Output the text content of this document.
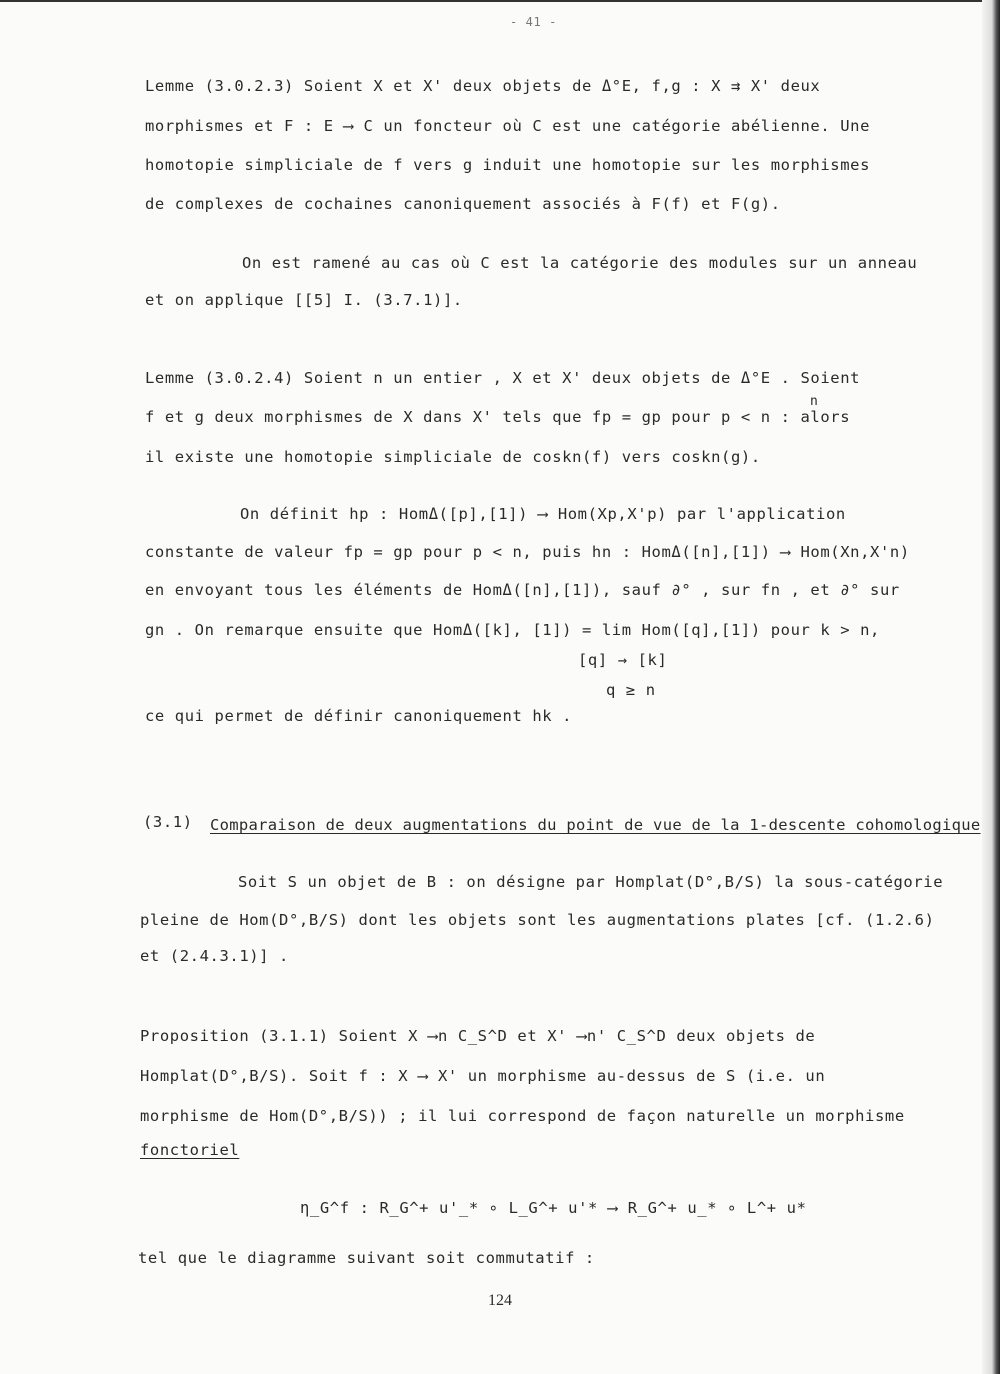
- 41 -
Lemme (3.0.2.3) Soient X et X' deux objets de Δ°E, f,g : X ⇉ X' deux
morphismes et F : E ⟶ C un foncteur où C est une catégorie abélienne. Une
homotopie simpliciale de f vers g induit une homotopie sur les morphismes
de complexes de cochaines canoniquement associés à F(f) et F(g).
On est ramené au cas où C est la catégorie des modules sur un anneau
et on applique [[5] I. (3.7.1)].
Lemme (3.0.2.4) Soient n un entier , X et X' deux objets de Δ°E . Soient
n
f et g deux morphismes de X dans X' tels que fp = gp pour p < n : alors
il existe une homotopie simpliciale de coskn(f) vers coskn(g).
On définit hp : HomΔ([p],[1]) ⟶ Hom(Xp,X'p) par l'application
constante de valeur fp = gp pour p < n, puis hn : HomΔ([n],[1]) ⟶ Hom(Xn,X'n)
en envoyant tous les éléments de HomΔ([n],[1]), sauf ∂° , sur fn , et ∂° sur
gn . On remarque ensuite que HomΔ([k], [1]) = lim Hom([q],[1]) pour k > n,
[q] → [k]
q ≥ n
ce qui permet de définir canoniquement hk .
(3.1) Comparaison de deux augmentations du point de vue de la 1-descente cohomologique
Soit S un objet de B : on désigne par Homplat(D°,B/S) la sous-catégorie
pleine de Hom(D°,B/S) dont les objets sont les augmentations plates [cf. (1.2.6)
et (2.4.3.1)] .
Proposition (3.1.1) Soient X ⟶n C_S^D et X' ⟶n' C_S^D deux objets de
Homplat(D°,B/S). Soit f : X ⟶ X' un morphisme au-dessus de S (i.e. un
morphisme de Hom(D°,B/S)) ; il lui correspond de façon naturelle un morphisme
fonctoriel
η_G^f : R_G^+ u'_* ∘ L_G^+ u'* ⟶ R_G^+ u_* ∘ L^+ u*
tel que le diagramme suivant soit commutatif :
124
